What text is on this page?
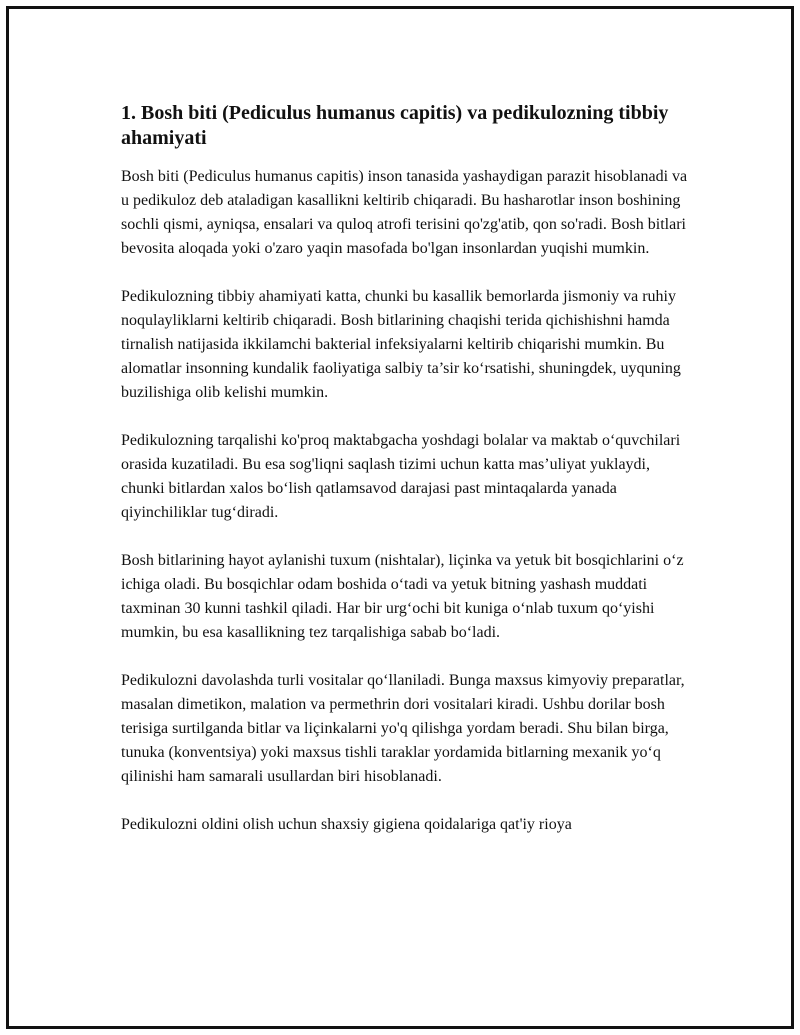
1. Bosh biti (Pediculus humanus capitis) va pedikulozning tibbiy ahamiyati

Bosh biti (Pediculus humanus capitis) inson tanasida yashaydigan parazit hisoblanadi va u pedikuloz deb ataladigan kasallikni keltirib chiqaradi. Bu hasharotlar inson boshining sochli qismi, ayniqsa, ensalari va quloq atrofi terisini qo'zg'atib, qon so'radi. Bosh bitlari bevosita aloqada yoki o'zaro yaqin masofada bo'lgan insonlardan yuqishi mumkin.

Pedikulozning tibbiy ahamiyati katta, chunki bu kasallik bemorlarda jismoniy va ruhiy noqulayliklarni keltirib chiqaradi. Bosh bitlarining chaqishi terida qichishishni hamda tirnalish natijasida ikkilamchi bakterial infeksiyalarni keltirib chiqarishi mumkin. Bu alomatlar insonning kundalik faoliyatiga salbiy ta’sir ko‘rsatishi, shuningdek, uyquning buzilishiga olib kelishi mumkin.

Pedikulozning tarqalishi ko'proq maktabgacha yoshdagi bolalar va maktab o‘quvchilari orasida kuzatiladi. Bu esa sog'liqni saqlash tizimi uchun katta mas’uliyat yuklaydi, chunki bitlardan xalos bo‘lish qatlamsavod darajasi past mintaqalarda yanada qiyinchiliklar tug‘diradi.

Bosh bitlarining hayot aylanishi tuxum (nishtalar), liçinka va yetuk bit bosqichlarini o‘z ichiga oladi. Bu bosqichlar odam boshida o‘tadi va yetuk bitning yashash muddati taxminan 30 kunni tashkil qiladi. Har bir urg‘ochi bit kuniga o‘nlab tuxum qo‘yishi mumkin, bu esa kasallikning tez tarqalishiga sabab bo‘ladi.

Pedikulozni davolashda turli vositalar qo‘llaniladi. Bunga maxsus kimyoviy preparatlar, masalan dimetikon, malation va permethrin dori vositalari kiradi. Ushbu dorilar bosh terisiga surtilganda bitlar va liçinkalarni yo'q qilishga yordam beradi. Shu bilan birga, tunuka (konventsiya) yoki maxsus tishli taraklar yordamida bitlarning mexanik yo‘q qilinishi ham samarali usullardan biri hisoblanadi.

Pedikulozni oldini olish uchun shaxsiy gigiena qoidalariga qat'iy rioya
